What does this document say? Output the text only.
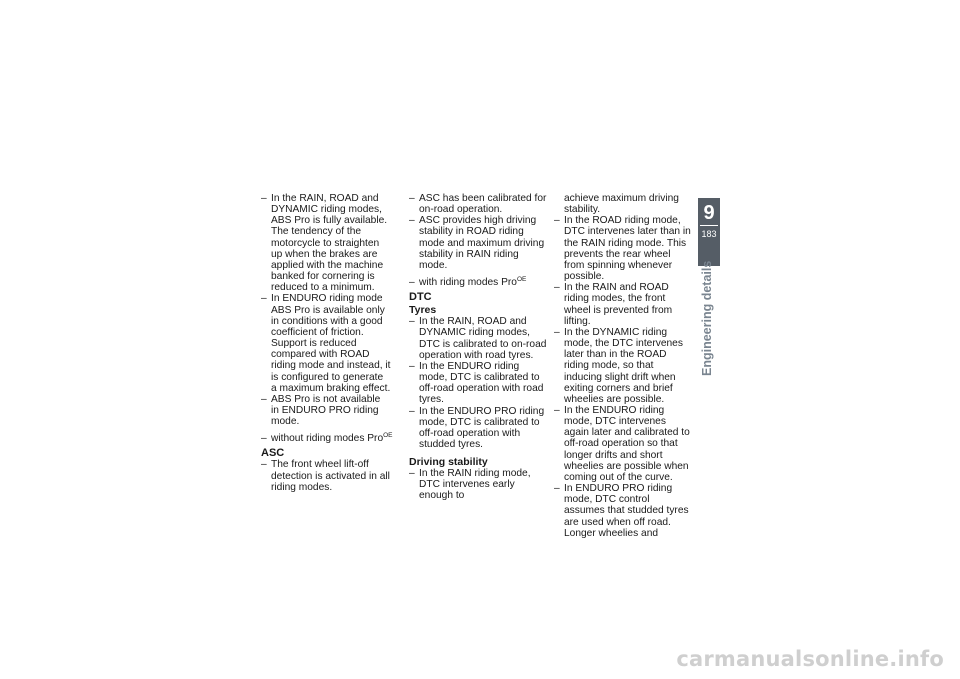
– In the RAIN, ROAD and DYNAMIC riding modes, ABS Pro is fully available. The tendency of the motorcycle to straighten up when the brakes are applied with the machine banked for cornering is reduced to a minimum.
– In ENDURO riding mode ABS Pro is available only in conditions with a good coefficient of friction. Support is reduced compared with ROAD riding mode and instead, it is configured to generate a maximum braking effect.
– ABS Pro is not available in ENDURO PRO riding mode.
– without riding modes Pro$^{OE}$
ASC
– The front wheel lift-off detection is activated in all riding modes.
– ASC has been calibrated for on-road operation.
– ASC provides high driving stability in ROAD riding mode and maximum driving stability in RAIN riding mode.
– with riding modes Pro$^{OE}$
DTC
Tyres
– In the RAIN, ROAD and DYNAMIC riding modes, DTC is calibrated to on-road operation with road tyres.
– In the ENDURO riding mode, DTC is calibrated to off-road operation with road tyres.
– In the ENDURO PRO riding mode, DTC is calibrated to off-road operation with studded tyres.
Driving stability
– In the RAIN riding mode, DTC intervenes early enough to
achieve maximum driving stability.
– In the ROAD riding mode, DTC intervenes later than in the RAIN riding mode. This prevents the rear wheel from spinning whenever possible.
– In the RAIN and ROAD riding modes, the front wheel is prevented from lifting.
– In the DYNAMIC riding mode, the DTC intervenes later than in the ROAD riding mode, so that inducing slight drift when exiting corners and brief wheelies are possible.
– In the ENDURO riding mode, DTC intervenes again later and calibrated to off-road operation so that longer drifts and short wheelies are possible when coming out of the curve.
– In ENDURO PRO riding mode, DTC control assumes that studded tyres are used when off road. Longer wheelies and
9
183
Engineering details
carmanualsonline.info
